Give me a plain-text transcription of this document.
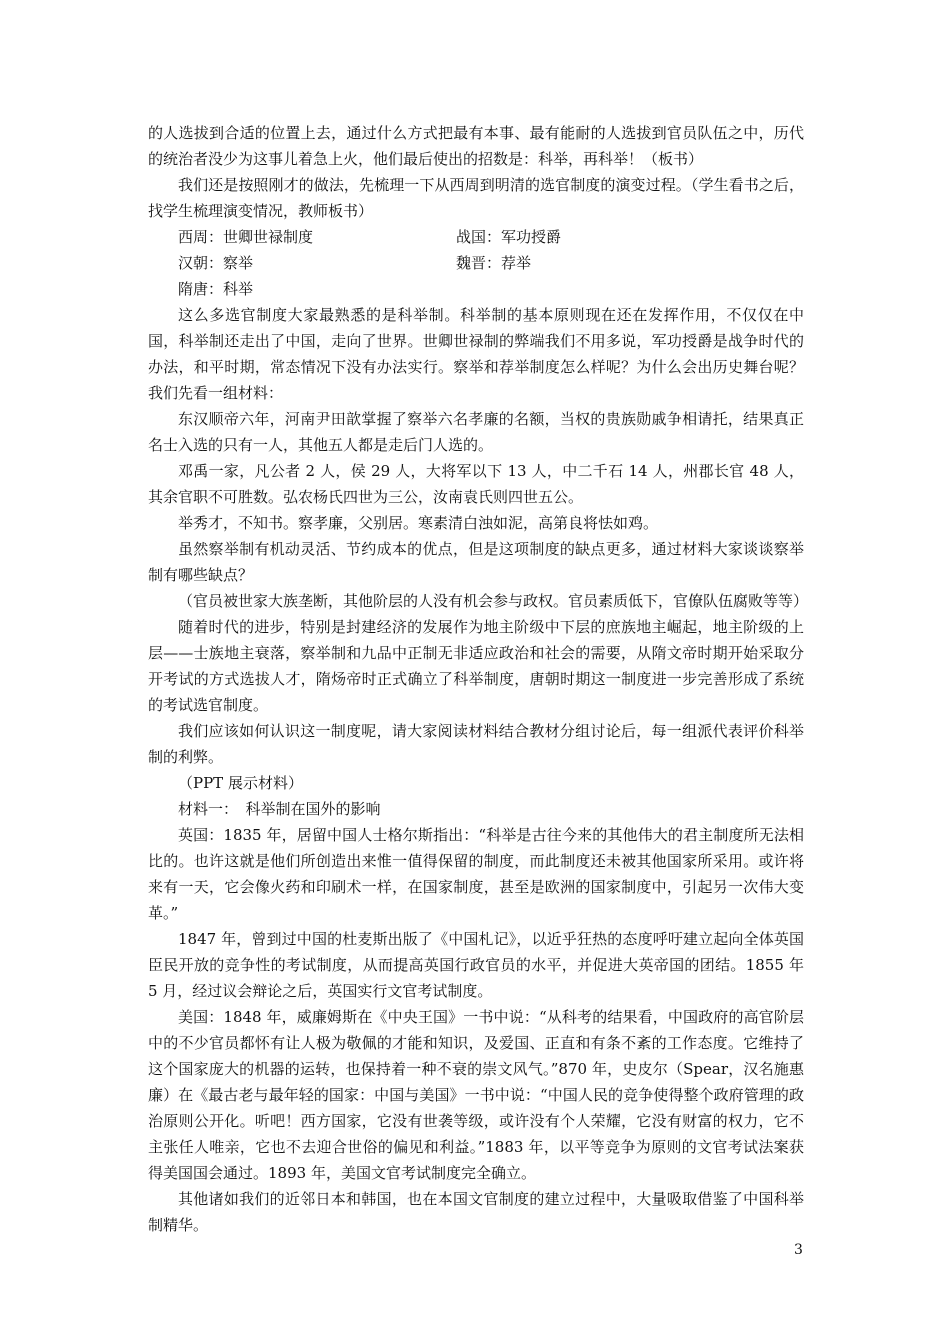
的人选拔到合适的位置上去，通过什么方式把最有本事、最有能耐的人选拔到官员队伍之中，历代的统治者没少为这事儿着急上火，他们最后使出的招数是：科举，再科举！（板书）

我们还是按照刚才的做法，先梳理一下从西周到明清的选官制度的演变过程。（学生看书之后，找学生梳理演变情况，教师板书）

西周：世卿世禄制度	战国：军功授爵
汉朝：察举	魏晋：荐举
隋唐：科举

这么多选官制度大家最熟悉的是科举制。科举制的基本原则现在还在发挥作用，不仅仅在中国，科举制还走出了中国，走向了世界。世卿世禄制的弊端我们不用多说，军功授爵是战争时代的办法，和平时期，常态情况下没有办法实行。察举和荐举制度怎么样呢？为什么会出历史舞台呢？我们先看一组材料：

东汉顺帝六年，河南尹田歆掌握了察举六名孝廉的名额，当权的贵族勋戚争相请托，结果真正名士入选的只有一人，其他五人都是走后门人选的。

邓禹一家，凡公者 2 人，侯 29 人，大将军以下 13 人，中二千石 14 人，州郡长官 48 人，其余官职不可胜数。弘农杨氏四世为三公，汝南袁氏则四世五公。

举秀才，不知书。察孝廉，父别居。寒素清白浊如泥，高第良将怯如鸡。

虽然察举制有机动灵活、节约成本的优点，但是这项制度的缺点更多，通过材料大家谈谈察举制有哪些缺点？

（官员被世家大族垄断，其他阶层的人没有机会参与政权。官员素质低下，官僚队伍腐败等等）

随着时代的进步，特别是封建经济的发展作为地主阶级中下层的庶族地主崛起，地主阶级的上层——士族地主衰落，察举制和九品中正制无非适应政治和社会的需要，从隋文帝时期开始采取分开考试的方式选拔人才，隋炀帝时正式确立了科举制度，唐朝时期这一制度进一步完善形成了系统的考试选官制度。

我们应该如何认识这一制度呢，请大家阅读材料结合教材分组讨论后，每一组派代表评价科举制的利弊。

（PPT 展示材料）

材料一：　科举制在国外的影响

英国：1835 年，居留中国人士格尔斯指出：“科举是古往今来的其他伟大的君主制度所无法相比的。也许这就是他们所创造出来惟一值得保留的制度，而此制度还未被其他国家所采用。或许将来有一天，它会像火药和印刷术一样，在国家制度，甚至是欧洲的国家制度中，引起另一次伟大变革。”

1847 年，曾到过中国的杜麦斯出版了《中国札记》，以近乎狂热的态度呼吁建立起向全体英国臣民开放的竞争性的考试制度，从而提高英国行政官员的水平，并促进大英帝国的团结。1855 年 5 月，经过议会辩论之后，英国实行文官考试制度。

美国：1848 年，威廉姆斯在《中央王国》一书中说：“从科考的结果看，中国政府的高官阶层中的不少官员都怀有让人极为敬佩的才能和知识，及爱国、正直和有条不紊的工作态度。它维持了这个国家庞大的机器的运转，也保持着一种不衰的崇文风气。”870 年，史皮尔（Spear，汉名施惠廉）在《最古老与最年轻的国家：中国与美国》一书中说：“中国人民的竞争使得整个政府管理的政治原则公开化。听吧！西方国家，它没有世袭等级，或许没有个人荣耀，它没有财富的权力，它不主张任人唯亲，它也不去迎合世俗的偏见和利益。”1883 年，以平等竞争为原则的文官考试法案获得美国国会通过。1893 年，美国文官考试制度完全确立。

其他诸如我们的近邻日本和韩国，也在本国文官制度的建立过程中，大量吸取借鉴了中国科举制精华。

3
